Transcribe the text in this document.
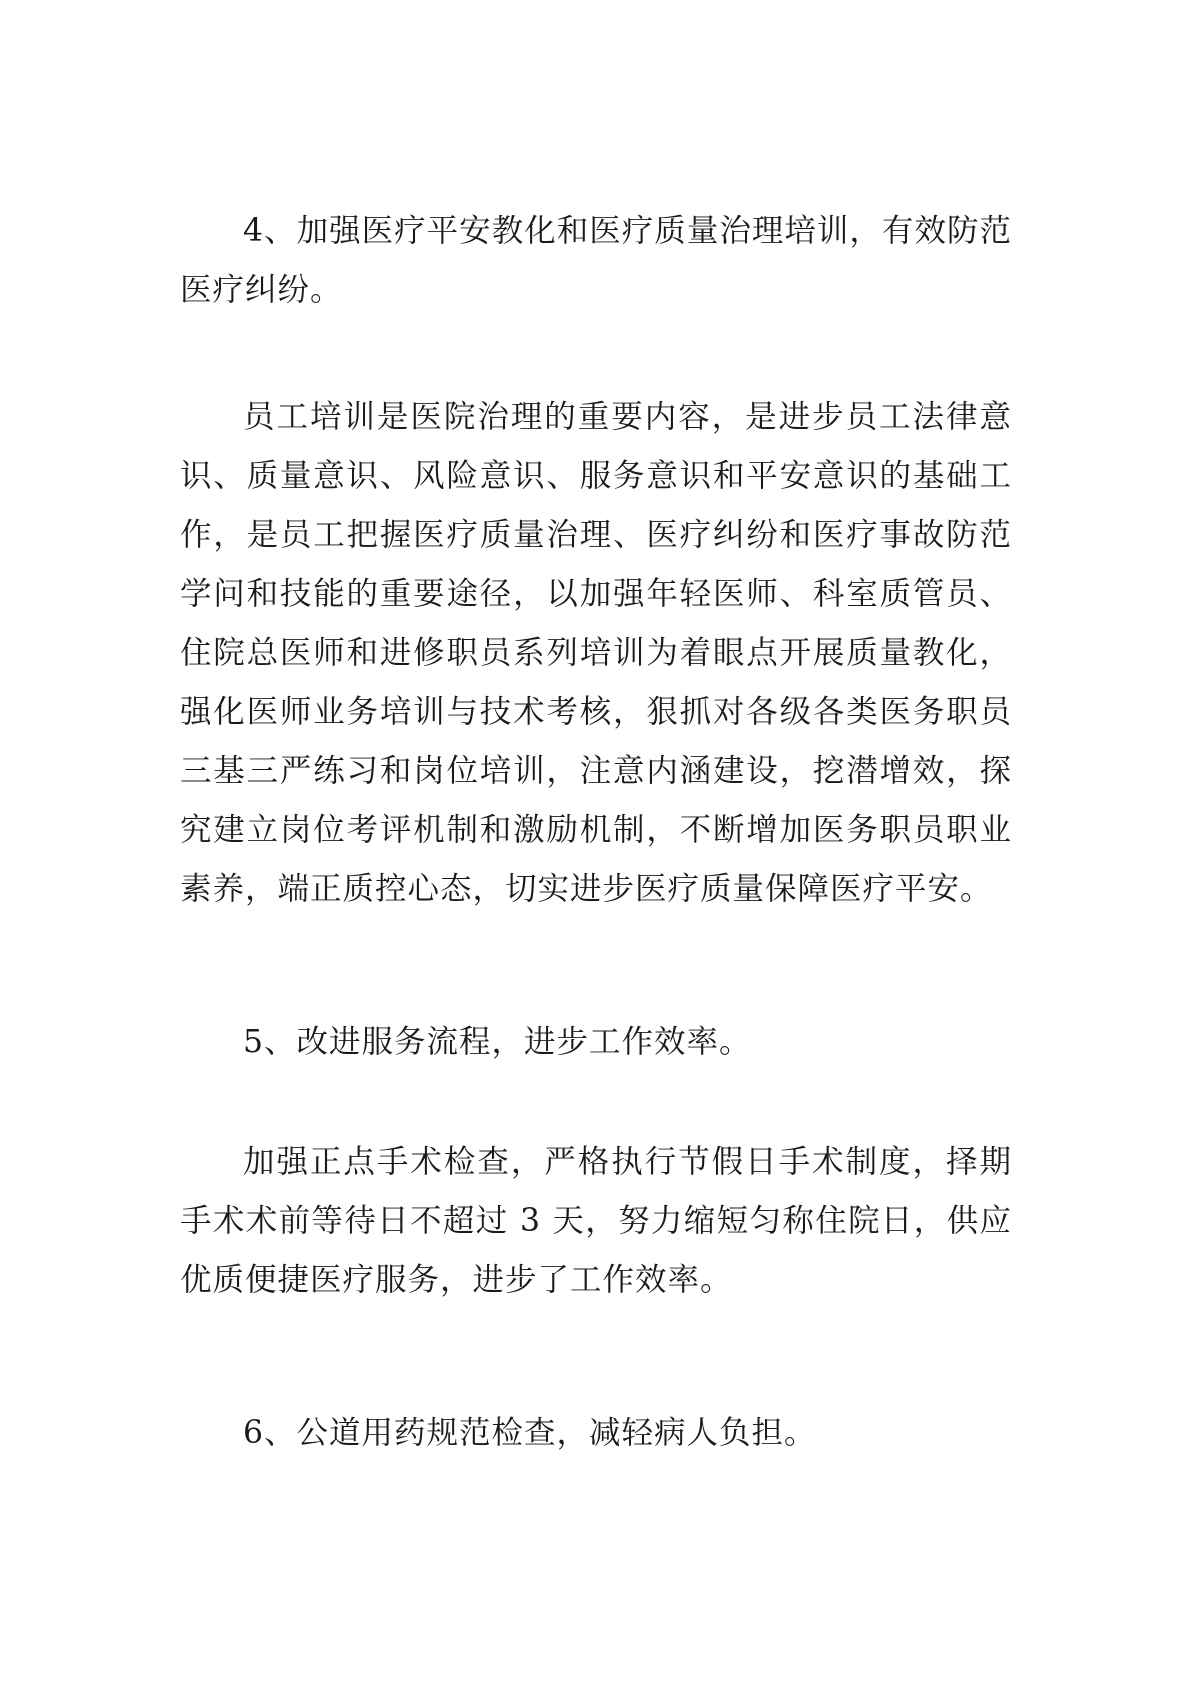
4、加强医疗平安教化和医疗质量治理培训，有效防范医疗纠纷。

员工培训是医院治理的重要内容，是进步员工法律意识、质量意识、风险意识、服务意识和平安意识的基础工作，是员工把握医疗质量治理、医疗纠纷和医疗事故防范学问和技能的重要途径，以加强年轻医师、科室质管员、住院总医师和进修职员系列培训为着眼点开展质量教化，强化医师业务培训与技术考核，狠抓对各级各类医务职员三基三严练习和岗位培训，注意内涵建设，挖潜增效，探究建立岗位考评机制和激励机制，不断增加医务职员职业素养，端正质控心态，切实进步医疗质量保障医疗平安。

5、改进服务流程，进步工作效率。

加强正点手术检查，严格执行节假日手术制度，择期手术术前等待日不超过 3 天，努力缩短匀称住院日，供应优质便捷医疗服务，进步了工作效率。

6、公道用药规范检查，减轻病人负担。
